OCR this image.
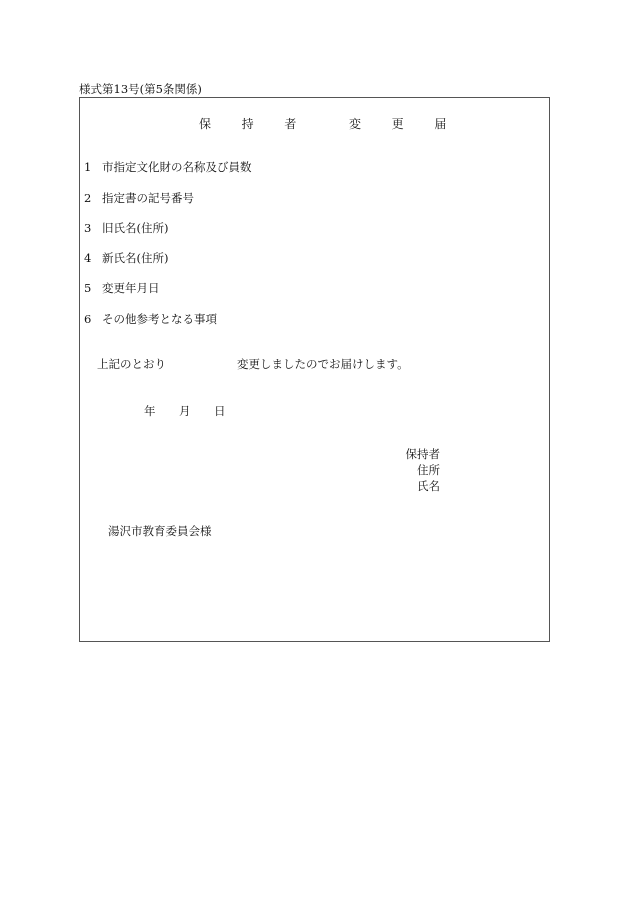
様式第13号(第5条関係)
保	持	者	変	更	届
1 市指定文化財の名称及び員数
2 指定書の記号番号
3 旧氏名(住所)
4 新氏名(住所)
5 変更年月日
6 その他参考となる事項
上記のとおり	変更しましたのでお届けします。
年 月 日
保持者
住所
氏名
湯沢市教育委員会様
